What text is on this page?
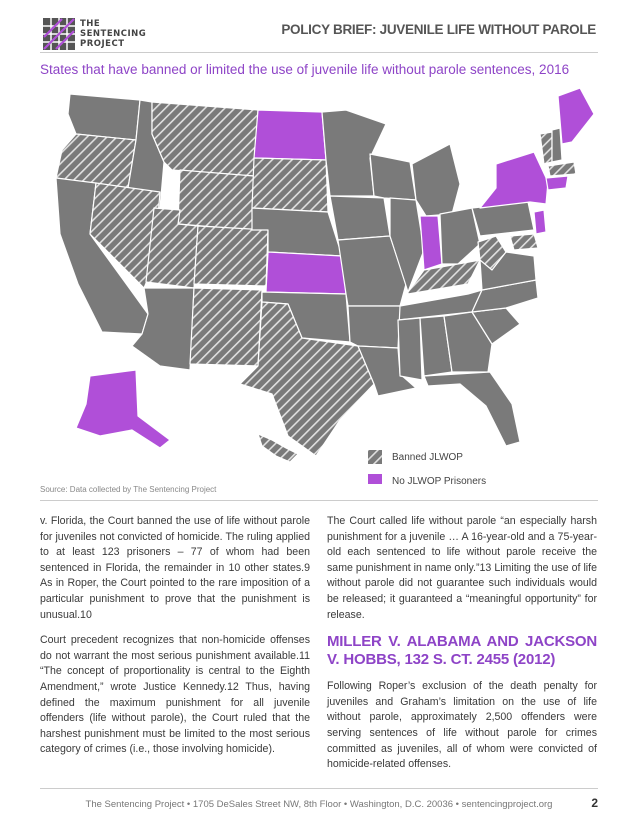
THE
SENTENCING
PROJECT
POLICY BRIEF: JUVENILE LIFE WITHOUT PAROLE
States that have banned or limited the use of juvenile life without parole sentences, 2016
Banned JLWOP
No JLWOP Prisoners
Source: Data collected by The Sentencing Project

v. Florida, the Court banned the use of life without parole for juveniles not convicted of homicide. The ruling applied to at least 123 prisoners – 77 of whom had been sentenced in Florida, the remainder in 10 other states.9 As in Roper, the Court pointed to the rare imposition of a particular punishment to prove that the punishment is unusual.10

Court precedent recognizes that non-homicide offenses do not warrant the most serious punishment available.11 “The concept of proportionality is central to the Eighth Amendment,” wrote Justice Kennedy.12 Thus, having defined the maximum punishment for all juvenile offenders (life without parole), the Court ruled that the harshest punishment must be limited to the most serious category of crimes (i.e., those involving homicide).

The Court called life without parole “an especially harsh punishment for a juvenile … A 16-year-old and a 75-year-old each sentenced to life without parole receive the same punishment in name only.”13 Limiting the use of life without parole did not guarantee such individuals would be released; it guaranteed a “meaningful opportunity” for release.

MILLER V. ALABAMA AND JACKSON V. HOBBS, 132 S. CT. 2455 (2012)

Following Roper’s exclusion of the death penalty for juveniles and Graham’s limitation on the use of life without parole, approximately 2,500 offenders were serving sentences of life without parole for crimes committed as juveniles, all of whom were convicted of homicide-related offenses.

The Sentencing Project • 1705 DeSales Street NW, 8th Floor • Washington, D.C. 20036 • sentencingproject.org	2
